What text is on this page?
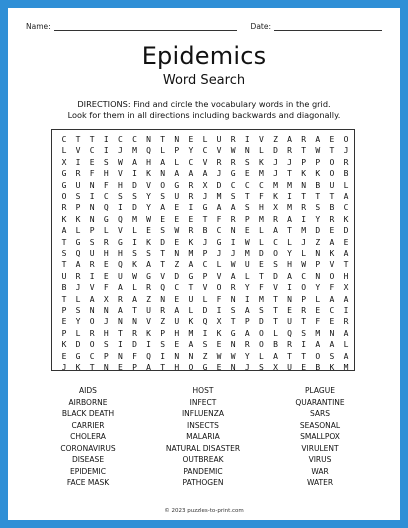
Name:	Date:
Epidemics
Word Search
DIRECTIONS: Find and circle the vocabulary words in the grid.
Look for them in all directions including backwards and diagonally.
C	T	T	I	C	C	N	T	N	E	L	U	R	I	V	Z	A	R	A	E	O
L	V	C	I	J	M	Q	L	P	Y	C	V	W	N	L	D	R	T	W	T	J
X	I	E	S	W	A	H	A	L	C	V	R	R	S	K	J	J	P	P	O	R
G	R	F	H	V	I	K	N	A	A	A	J	G	E	M	J	T	K	K	O	B
G	U	N	F	H	D	V	O	G	R	X	D	C	C	C	M	M	N	B	U	L
O	S	I	C	S	S	Y	S	U	R	J	M	S	T	F	K	I	T	T	T	A
R	P	N	Q	I	D	Y	A	E	I	G	A	A	S	H	X	M	R	S	B	C
K	K	N	G	Q	M	W	E	E	E	T	F	R	P	M	R	A	I	Y	R	K
A	L	P	L	V	L	E	S	W	R	B	C	N	E	L	A	T	M	D	E	D
T	G	S	R	G	I	K	D	E	K	J	G	I	W	L	C	L	J	Z	A	E
S	Q	U	H	H	S	S	T	N	M	P	J	J	M	D	O	Y	L	N	K	A
T	A	R	E	Q	K	A	T	Z	A	C	L	W	U	E	S	H	W	P	V	T
U	R	I	E	U	W	G	V	D	G	P	V	A	L	T	D	A	C	N	O	H
B	J	V	F	A	L	R	Q	C	T	V	O	R	Y	F	V	I	O	Y	F	X
T	L	A	X	R	A	Z	N	E	U	L	F	N	I	M	T	N	P	L	A	A
P	S	N	N	A	T	U	R	A	L	D	I	S	A	S	T	E	R	E	C	I
E	Y	O	J	N	N	V	Z	U	K	Q	X	T	P	D	T	U	T	F	E	R
P	L	R	H	T	R	K	P	H	M	I	K	G	A	O	L	Q	S	M	N	A
K	D	O	S	I	D	I	S	E	A	S	E	N	R	O	B	R	I	A	A	L
E	G	C	P	N	F	Q	I	N	N	Z	W	W	Y	L	A	T	T	O	S	A
J	K	T	N	E	P	A	T	H	O	G	E	N	J	S	X	U	E	B	K	M
AIDS
AIRBORNE
BLACK DEATH
CARRIER
CHOLERA
CORONAVIRUS
DISEASE
EPIDEMIC
FACE MASK
HOST
INFECT
INFLUENZA
INSECTS
MALARIA
NATURAL DISASTER
OUTBREAK
PANDEMIC
PATHOGEN
PLAGUE
QUARANTINE
SARS
SEASONAL
SMALLPOX
VIRULENT
VIRUS
WAR
WATER
© 2023 puzzles-to-print.com
